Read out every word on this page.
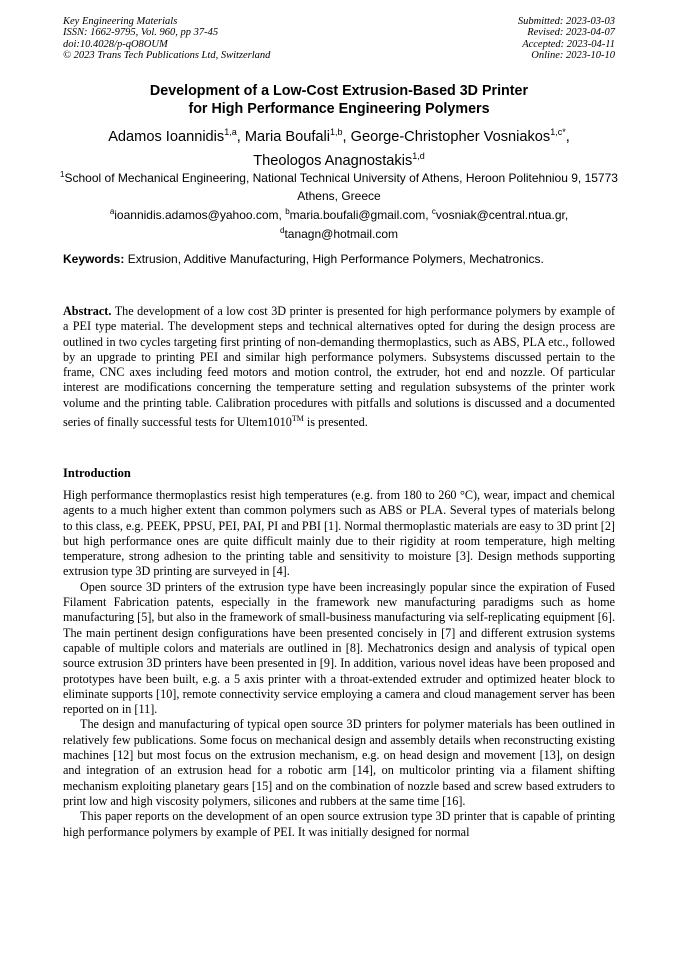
Key Engineering Materials
ISSN: 1662-9795, Vol. 960, pp 37-45
doi:10.4028/p-qO8OUM
© 2023 Trans Tech Publications Ltd, Switzerland
Submitted: 2023-03-03
Revised: 2023-04-07
Accepted: 2023-04-11
Online: 2023-10-10
Development of a Low-Cost Extrusion-Based 3D Printer
for High Performance Engineering Polymers
Adamos Ioannidis$^{1,a}$, Maria Boufali$^{1,b}$, George-Christopher Vosniakos$^{1,c*}$,
Theologos Anagnostakis$^{1,d}$
$^1$School of Mechanical Engineering, National Technical University of Athens, Heroon Politehniou 9, 15773 Athens, Greece
$^a$ioannidis.adamos@yahoo.com, $^b$maria.boufali@gmail.com, $^c$vosniak@central.ntua.gr,
$^d$tanagn@hotmail.com
Keywords: Extrusion, Additive Manufacturing, High Performance Polymers, Mechatronics.
Abstract. The development of a low cost 3D printer is presented for high performance polymers by example of a PEI type material. The development steps and technical alternatives opted for during the design process are outlined in two cycles targeting first printing of non-demanding thermoplastics, such as ABS, PLA etc., followed by an upgrade to printing PEI and similar high performance polymers. Subsystems discussed pertain to the frame, CNC axes including feed motors and motion control, the extruder, hot end and nozzle. Of particular interest are modifications concerning the temperature setting and regulation subsystems of the printer work volume and the printing table. Calibration procedures with pitfalls and solutions is discussed and a documented series of finally successful tests for Ultem1010™ is presented.
Introduction

High performance thermoplastics resist high temperatures (e.g. from 180 to 260 °C), wear, impact and chemical agents to a much higher extent than common polymers such as ABS or PLA. Several types of materials belong to this class, e.g. PEEK, PPSU, PEI, PAI, PI and PBI [1]. Normal thermoplastic materials are easy to 3D print [2] but high performance ones are quite difficult mainly due to their rigidity at room temperature, high melting temperature, strong adhesion to the printing table and sensitivity to moisture [3]. Design methods supporting extrusion type 3D printing are surveyed in [4].

Open source 3D printers of the extrusion type have been increasingly popular since the expiration of Fused Filament Fabrication patents, especially in the framework new manufacturing paradigms such as home manufacturing [5], but also in the framework of small-business manufacturing via self-replicating equipment [6]. The main pertinent design configurations have been presented concisely in [7] and different extrusion systems capable of multiple colors and materials are outlined in [8]. Mechatronics design and analysis of typical open source extrusion 3D printers have been presented in [9]. In addition, various novel ideas have been proposed and prototypes have been built, e.g. a 5 axis printer with a throat-extended extruder and optimized heater block to eliminate supports [10], remote connectivity service employing a camera and cloud management server has been reported on in [11].

The design and manufacturing of typical open source 3D printers for polymer materials has been outlined in relatively few publications. Some focus on mechanical design and assembly details when reconstructing existing machines [12] but most focus on the extrusion mechanism, e.g. on head design and movement [13], on design and integration of an extrusion head for a robotic arm [14], on multicolor printing via a filament shifting mechanism exploiting planetary gears [15] and on the combination of nozzle based and screw based extruders to print low and high viscosity polymers, silicones and rubbers at the same time [16].

This paper reports on the development of an open source extrusion type 3D printer that is capable of printing high performance polymers by example of PEI. It was initially designed for normal
